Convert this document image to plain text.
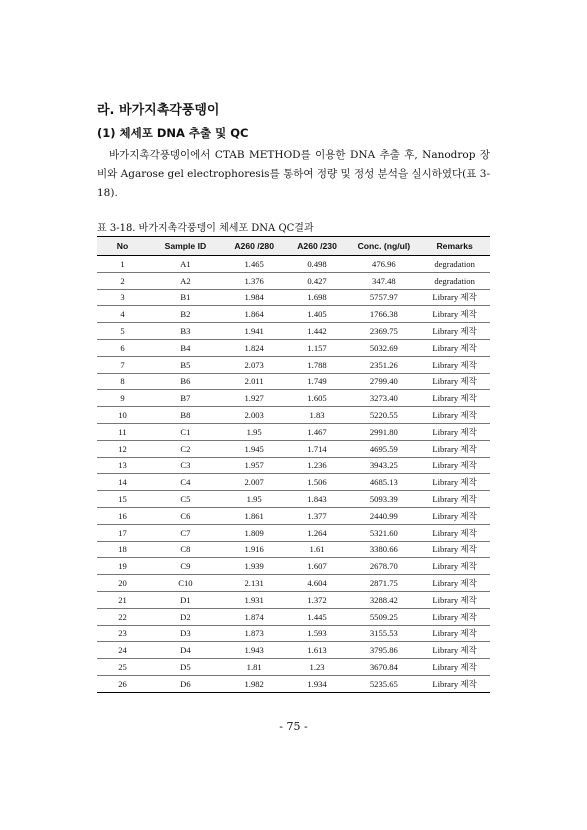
라. 바가지촉각풍뎅이
(1) 체세포 DNA 추출 및 QC
바가지촉각풍뎅이에서 CTAB METHOD를 이용한 DNA 추출 후, Nanodrop 장비와 Agarose gel electrophoresis를 통하여 정량 및 정성 분석을 실시하였다(표 3-18).
표 3-18. 바가지촉각풍뎅이 체세포 DNA QC결과
No	Sample ID	A260 /280	A260 /230	Conc. (ng/ul)	Remarks
1	A1	1.465	0.498	476.96	degradation
2	A2	1.376	0.427	347.48	degradation
3	B1	1.984	1.698	5757.97	Library 제작
4	B2	1.864	1.405	1766.38	Library 제작
5	B3	1.941	1.442	2369.75	Library 제작
6	B4	1.824	1.157	5032.69	Library 제작
7	B5	2.073	1.788	2351.26	Library 제작
8	B6	2.011	1.749	2799.40	Library 제작
9	B7	1.927	1.605	3273.40	Library 제작
10	B8	2.003	1.83	5220.55	Library 제작
11	C1	1.95	1.467	2991.80	Library 제작
12	C2	1.945	1.714	4695.59	Library 제작
13	C3	1.957	1.236	3943.25	Library 제작
14	C4	2.007	1.506	4685.13	Library 제작
15	C5	1.95	1.843	5093.39	Library 제작
16	C6	1.861	1.377	2440.99	Library 제작
17	C7	1.809	1.264	5321.60	Library 제작
18	C8	1.916	1.61	3380.66	Library 제작
19	C9	1.939	1.607	2678.70	Library 제작
20	C10	2.131	4.604	2871.75	Library 제작
21	D1	1.931	1.372	3288.42	Library 제작
22	D2	1.874	1.445	5509.25	Library 제작
23	D3	1.873	1.593	3155.53	Library 제작
24	D4	1.943	1.613	3795.86	Library 제작
25	D5	1.81	1.23	3670.84	Library 제작
26	D6	1.982	1.934	5235.65	Library 제작
- 75 -
